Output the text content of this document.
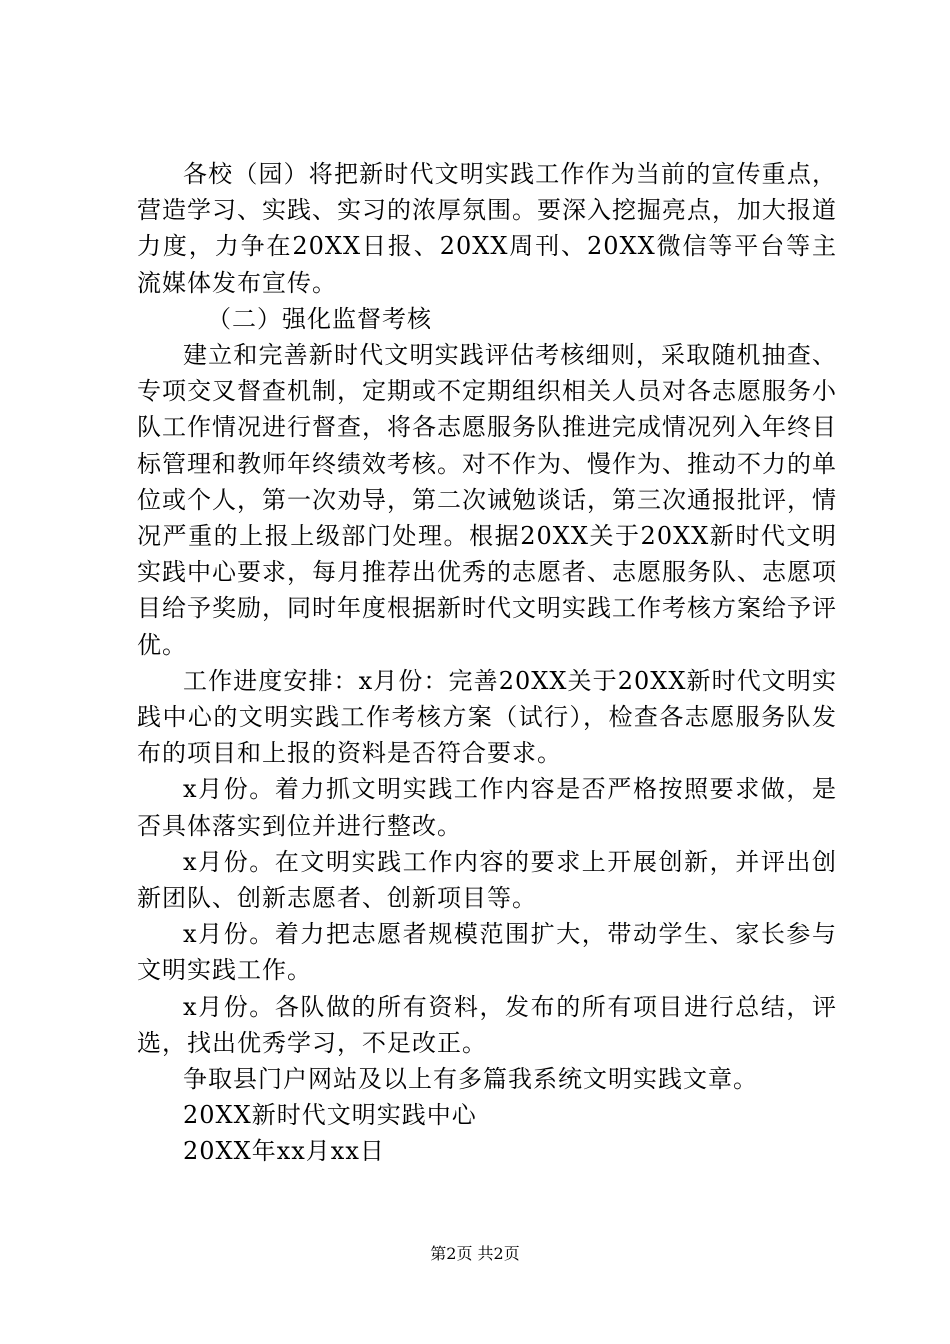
各校（园）将把新时代文明实践工作作为当前的宣传重点，营造学习、实践、实习的浓厚氛围。要深入挖掘亮点，加大报道力度，力争在20XX日报、20XX周刊、20XX微信等平台等主流媒体发布宣传。

（二）强化监督考核

建立和完善新时代文明实践评估考核细则，采取随机抽查、专项交叉督查机制，定期或不定期组织相关人员对各志愿服务小队工作情况进行督查，将各志愿服务队推进完成情况列入年终目标管理和教师年终绩效考核。对不作为、慢作为、推动不力的单位或个人，第一次劝导，第二次诫勉谈话，第三次通报批评，情况严重的上报上级部门处理。根据20XX关于20XX新时代文明实践中心要求，每月推荐出优秀的志愿者、志愿服务队、志愿项目给予奖励，同时年度根据新时代文明实践工作考核方案给予评优。

工作进度安排：x月份：完善20XX关于20XX新时代文明实践中心的文明实践工作考核方案（试行），检查各志愿服务队发布的项目和上报的资料是否符合要求。

x月份。着力抓文明实践工作内容是否严格按照要求做，是否具体落实到位并进行整改。

x月份。在文明实践工作内容的要求上开展创新，并评出创新团队、创新志愿者、创新项目等。

x月份。着力把志愿者规模范围扩大，带动学生、家长参与文明实践工作。

x月份。各队做的所有资料，发布的所有项目进行总结，评选，找出优秀学习，不足改正。

争取县门户网站及以上有多篇我系统文明实践文章。

20XX新时代文明实践中心

20XX年xx月xx日

第2页 共2页
